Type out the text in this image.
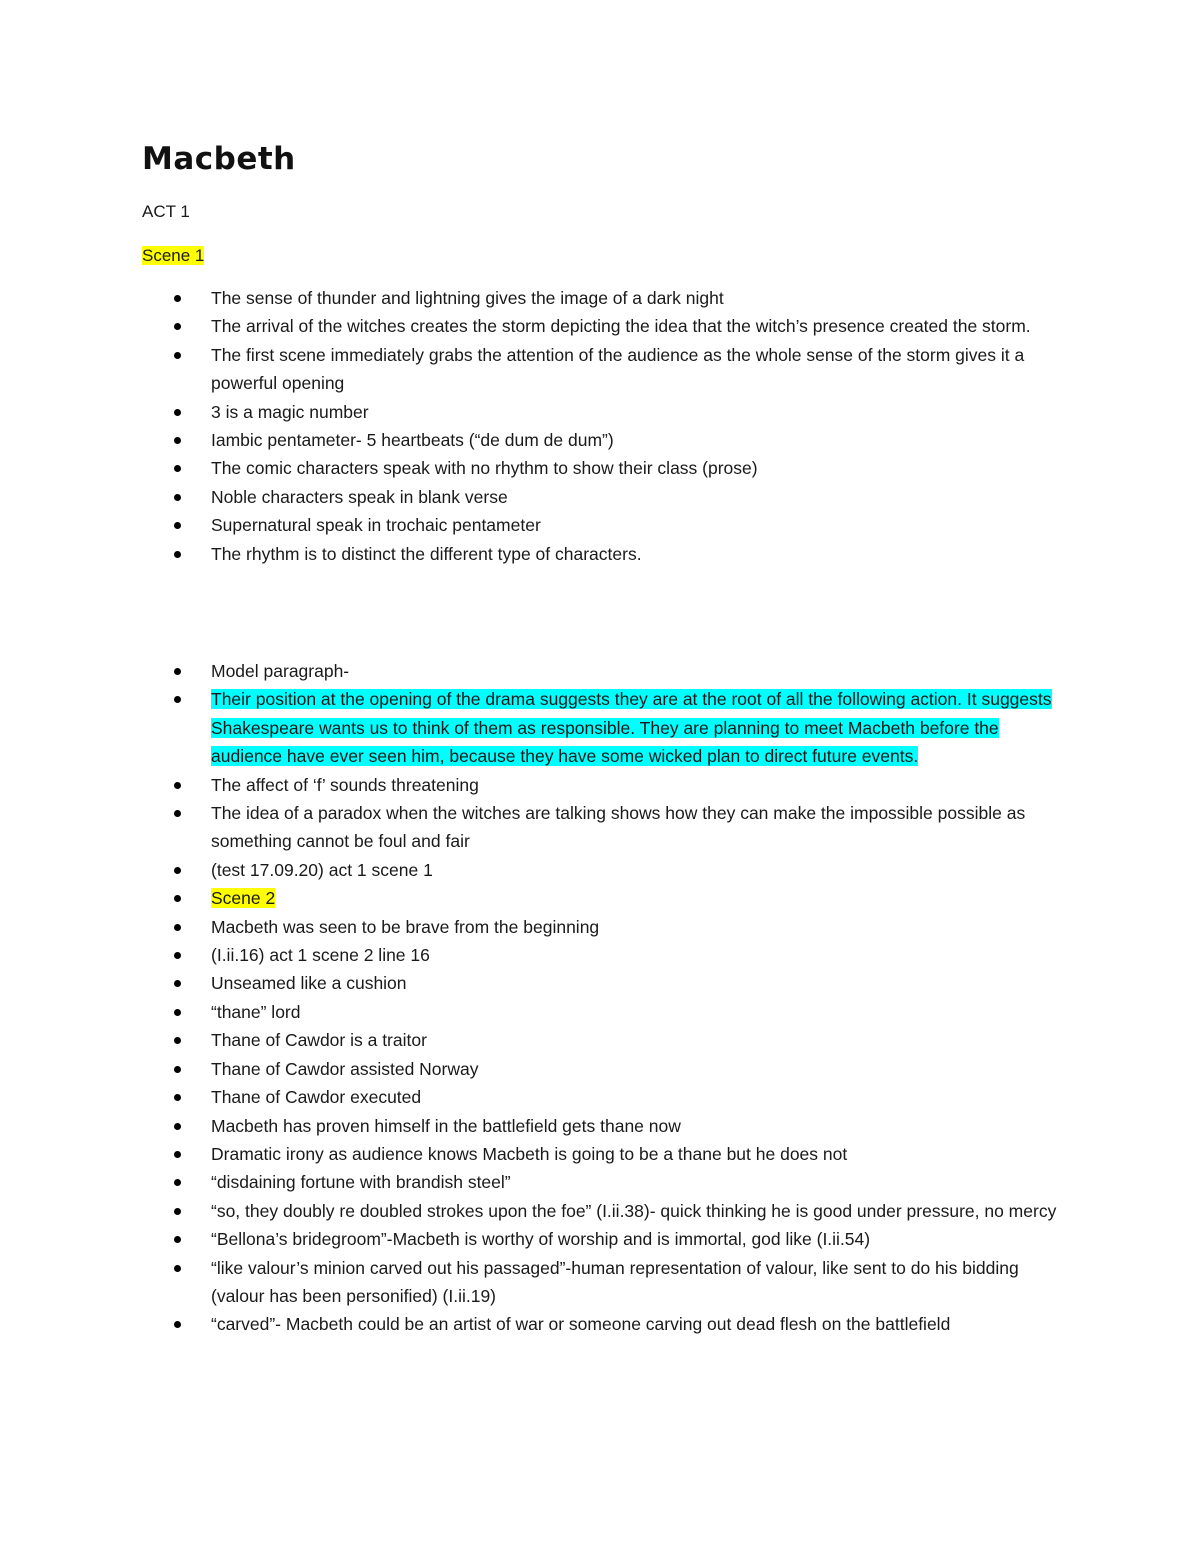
Macbeth

ACT 1

Scene 1

The sense of thunder and lightning gives the image of a dark night
The arrival of the witches creates the storm depicting the idea that the witch’s presence created the storm.
The first scene immediately grabs the attention of the audience as the whole sense of the storm gives it a powerful opening
3 is a magic number
Iambic pentameter- 5 heartbeats (“de dum de dum”)
The comic characters speak with no rhythm to show their class (prose)
Noble characters speak in blank verse
Supernatural speak in trochaic pentameter
The rhythm is to distinct the different type of characters.
Model paragraph-
Their position at the opening of the drama suggests they are at the root of all the following action. It suggests Shakespeare wants us to think of them as responsible. They are planning to meet Macbeth before the audience have ever seen him, because they have some wicked plan to direct future events.
The affect of ‘f’ sounds threatening
The idea of a paradox when the witches are talking shows how they can make the impossible possible as something cannot be foul and fair
(test 17.09.20) act 1 scene 1
Scene 2
Macbeth was seen to be brave from the beginning
(I.ii.16) act 1 scene 2 line 16
Unseamed like a cushion
“thane” lord
Thane of Cawdor is a traitor
Thane of Cawdor assisted Norway
Thane of Cawdor executed
Macbeth has proven himself in the battlefield gets thane now
Dramatic irony as audience knows Macbeth is going to be a thane but he does not
“disdaining fortune with brandish steel”
“so, they doubly re doubled strokes upon the foe” (I.ii.38)- quick thinking he is good under pressure, no mercy
“Bellona’s bridegroom”-Macbeth is worthy of worship and is immortal, god like (I.ii.54)
“like valour’s minion carved out his passaged”-human representation of valour, like sent to do his bidding (valour has been personified) (I.ii.19)
“carved”- Macbeth could be an artist of war or someone carving out dead flesh on the battlefield
